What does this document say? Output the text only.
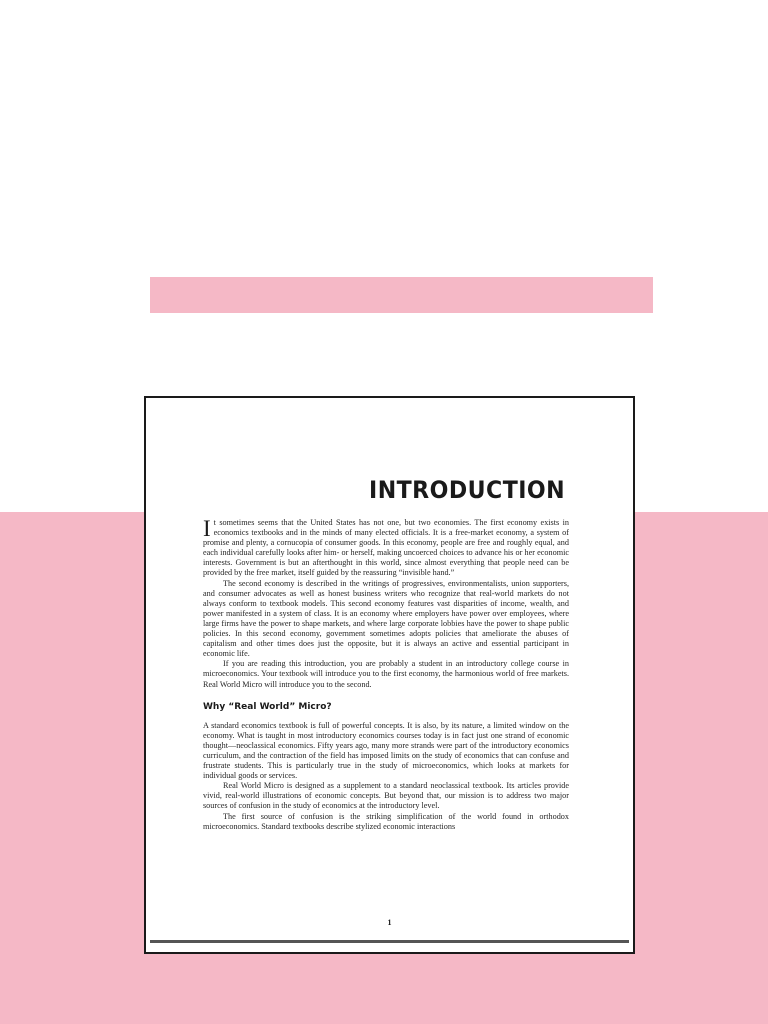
INTRODUCTION

It sometimes seems that the United States has not one, but two economies. The first economy exists in economics textbooks and in the minds of many elected officials. It is a free-market economy, a system of promise and plenty, a cornucopia of consumer goods. In this economy, people are free and roughly equal, and each individual carefully looks after him- or herself, making uncoerced choices to advance his or her economic interests. Government is but an afterthought in this world, since almost everything that people need can be provided by the free market, itself guided by the reassuring “invisible hand.”

The second economy is described in the writings of progressives, environmentalists, union supporters, and consumer advocates as well as honest business writers who recognize that real-world markets do not always conform to textbook models. This second economy features vast disparities of income, wealth, and power manifested in a system of class. It is an economy where employers have power over employees, where large firms have the power to shape markets, and where large corporate lobbies have the power to shape public policies. In this second economy, government sometimes adopts policies that ameliorate the abuses of capitalism and other times does just the opposite, but it is always an active and essential participant in economic life.

If you are reading this introduction, you are probably a student in an introductory college course in microeconomics. Your textbook will introduce you to the first economy, the harmonious world of free markets. Real World Micro will introduce you to the second.

Why “Real World” Micro?

A standard economics textbook is full of powerful concepts. It is also, by its nature, a limited window on the economy. What is taught in most introductory economics courses today is in fact just one strand of economic thought—neoclassical economics. Fifty years ago, many more strands were part of the introductory economics curriculum, and the contraction of the field has imposed limits on the study of economics that can confuse and frustrate students. This is particularly true in the study of microeconomics, which looks at markets for individual goods or services.

Real World Micro is designed as a supplement to a standard neoclassical textbook. Its articles provide vivid, real-world illustrations of economic concepts. But beyond that, our mission is to address two major sources of confusion in the study of economics at the introductory level.

The first source of confusion is the striking simplification of the world found in orthodox microeconomics. Standard textbooks describe stylized economic interactions

1
